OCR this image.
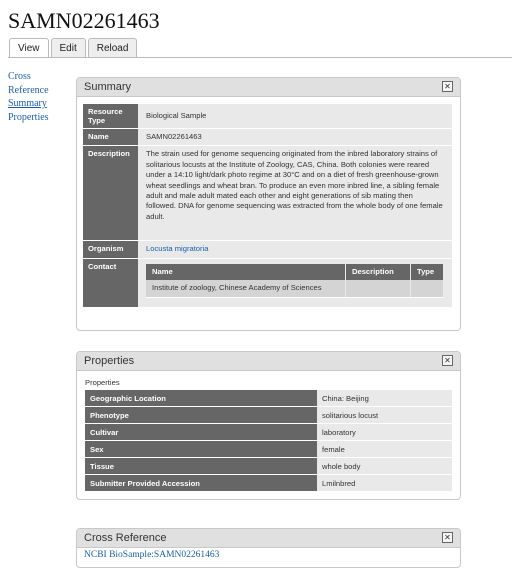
SAMN02261463
View	Edit	Reload
Cross
Reference
Summary
Properties
Summary	✕
Resource Type	Biological Sample
Name	SAMN02261463
Description	The strain used for genome sequencing originated from the inbred laboratory strains of solitarious locusts at the Institute of Zoology, CAS, China. Both colonies were reared under a 14:10 light/dark photo regime at 30°C and on a diet of fresh greenhouse-grown wheat seedlings and wheat bran. To produce an even more inbred line, a sibling female adult and male adult mated each other and eight generations of sib mating then followed. DNA for genome sequencing was extracted from the whole body of one female adult.
Organism	Locusta migratoria
Contact	
Name	Description	Type
Institute of zoology, Chinese Academy of Sciences		
Properties	✕
Properties
Geographic Location	China: Beijing
Phenotype	solitarious locust
Cultivar	laboratory
Sex	female
Tissue	whole body
Submitter Provided Accession	Lmilnbred
Cross Reference	✕
NCBI BioSample:SAMN02261463
